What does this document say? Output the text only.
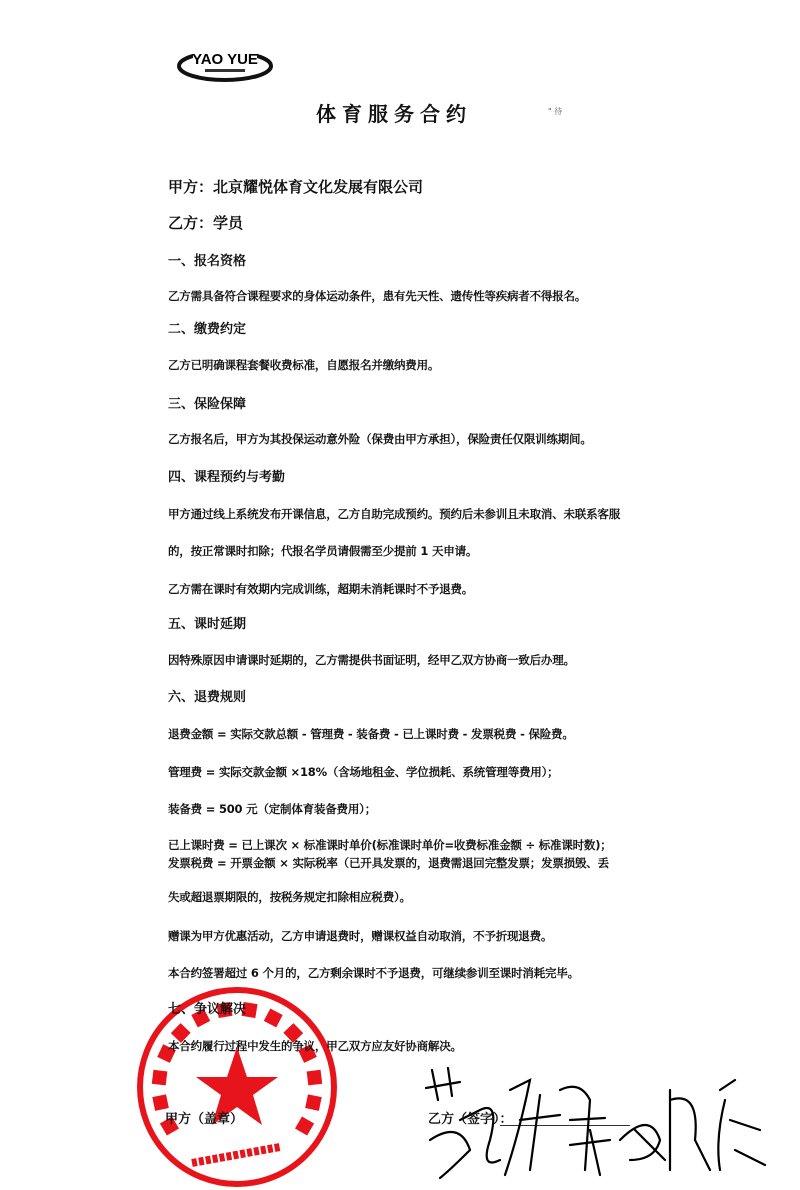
YAO YUE
体育服务合约	" 待
甲方：北京耀悦体育文化发展有限公司
乙方：学员
一、报名资格
乙方需具备符合课程要求的身体运动条件，患有先天性、遗传性等疾病者不得报名。
二、缴费约定
乙方已明确课程套餐收费标准，自愿报名并缴纳费用。
三、保险保障
乙方报名后，甲方为其投保运动意外险（保费由甲方承担），保险责任仅限训练期间。
四、课程预约与考勤
甲方通过线上系统发布开课信息，乙方自助完成预约。预约后未参训且未取消、未联系客服
的，按正常课时扣除；代报名学员请假需至少提前 1 天申请。
乙方需在课时有效期内完成训练，超期未消耗课时不予退费。
五、课时延期
因特殊原因申请课时延期的，乙方需提供书面证明，经甲乙双方协商一致后办理。
六、退费规则
退费金额 = 实际交款总额 - 管理费 - 装备费 - 已上课时费 - 发票税费 - 保险费。
管理费 = 实际交款金额 ×18%（含场地租金、学位损耗、系统管理等费用）；
装备费 = 500 元（定制体育装备费用）；
已上课时费 = 已上课次 × 标准课时单价(标准课时单价=收费标准金额 ÷ 标准课时数)；
发票税费 = 开票金额 × 实际税率（已开具发票的，退费需退回完整发票；发票损毁、丢
失或超退票期限的，按税务规定扣除相应税费）。
赠课为甲方优惠活动，乙方申请退费时，赠课权益自动取消，不予折现退费。
本合约签署超过 6 个月的，乙方剩余课时不予退费，可继续参训至课时消耗完毕。
七、争议解决
本合约履行过程中发生的争议，甲乙双方应友好协商解决。
甲方（盖章）	乙方（签字）：
